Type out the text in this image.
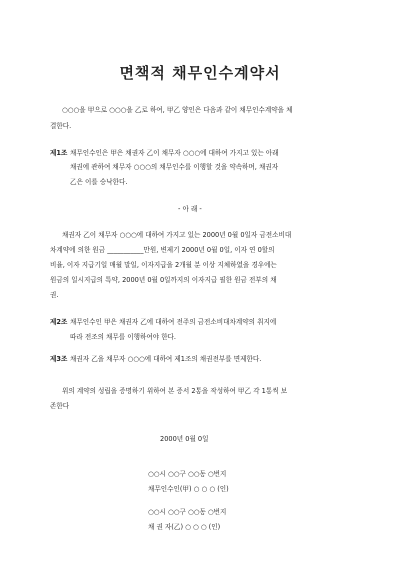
면책적 채무인수계약서
○○○을 甲으로 ○○○을 乙로 하여, 甲乙 양인은 다음과 같이 채무인수계약을 체
결한다.
제1조 채무인수인은 甲은 채권자 乙이 채무자 ○○○에 대하여 가지고 있는 아래
채권에 관하여 채무자 ○○○의 채무인수를 이행할 것을 약속하며, 채권자
乙은 이를 승낙한다.
- 아 래 -
채권자 乙이 채무자 ○○○에 대하여 가지고 있는 2000년 0월 0일자 금전소비대
차계약에 의한 원금 ___________만원, 변제기 2000년 0월 0일, 이자 연 0할의
비율, 이자 지급기일 매월 말일, 이자지급을 2개월 분 이상 지체하였을 경우에는
원금의 일시지급의 특약, 2000년 0월 0일까지의 이자지급 필한 원금 전부의 채
권.
제2조 채무인수인 甲은 채권자 乙에 대하여 전주의 금전소비대차계약의 취지에
따라 전조의 채무를 이행하여야 한다.
제3조 채권자 乙을 채무자 ○○○에 대하여 제1조의 채권전부를 면제한다.
위의 계약의 성립을 증명하기 위하여 본 증서 2통을 작성하여 甲乙 각 1통씩 보
존한다
2000년 0월 0일
○○시 ○○구 ○○동 ○번지
채무인수인(甲) ○ ○ ○ (인)
○○시 ○○구 ○○동 ○번지
채 권 자(乙) ○ ○ ○ (인)
